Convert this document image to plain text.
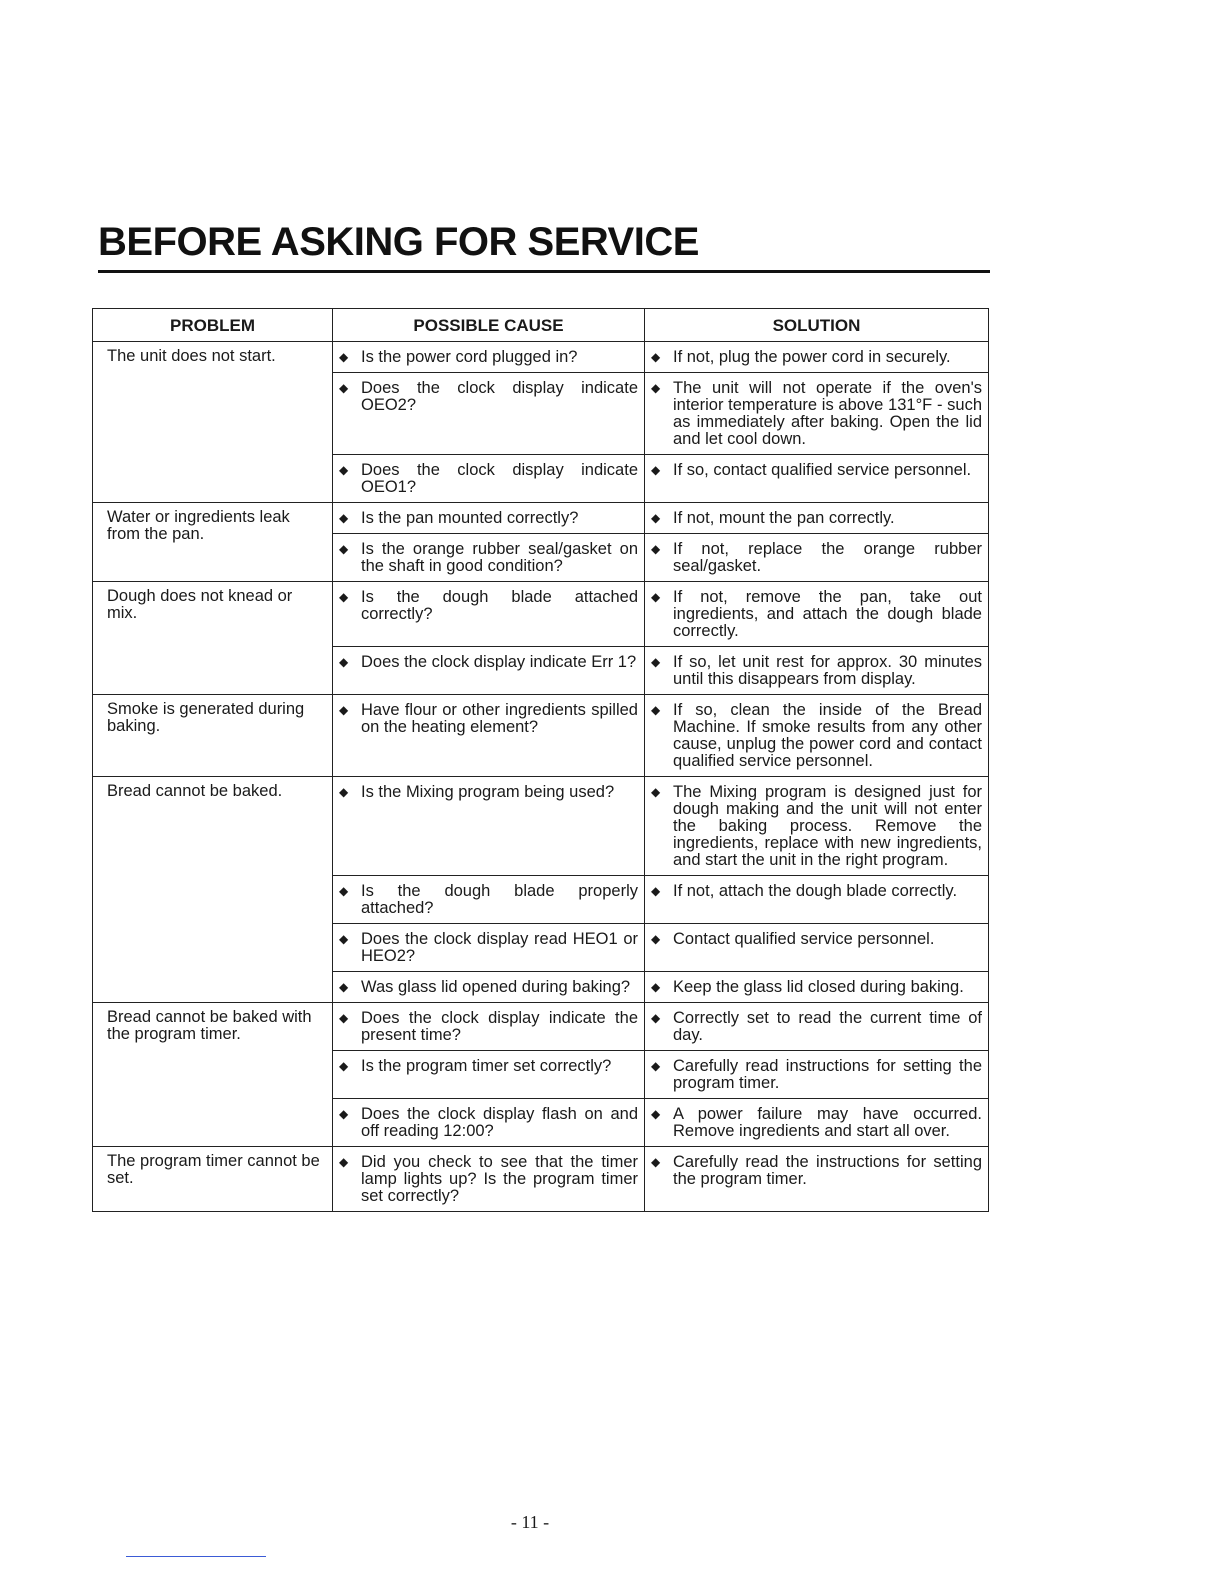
BEFORE ASKING FOR SERVICE
PROBLEM	POSSIBLE CAUSE	SOLUTION
The unit does not start.	◆ Is the power cord plugged in?	◆ If not, plug the power cord in securely.

	◆ Does the clock display indicate OEO2?	◆ The unit will not operate if the oven's interior temperature is above 131°F - such as immediately after baking. Open the lid and let cool down.

	◆ Does the clock display indicate OEO1?	◆ If so, contact qualified service personnel.

Water or ingredients leak from the pan.	◆ Is the pan mounted correctly?	◆ If not, mount the pan correctly.

	◆ Is the orange rubber seal/gasket on the shaft in good condition?	◆ If not, replace the orange rubber seal/gasket.

Dough does not knead or mix.	◆ Is the dough blade attached correctly?	◆ If not, remove the pan, take out ingredients, and attach the dough blade correctly.

	◆ Does the clock display indicate Err 1?	◆ If so, let unit rest for approx. 30 minutes until this disappears from display.

Smoke is generated during baking.	◆ Have flour or other ingredients spilled on the heating element?	◆ If so, clean the inside of the Bread Machine. If smoke results from any other cause, unplug the power cord and contact qualified service personnel.

Bread cannot be baked.	◆ Is the Mixing program being used?	◆ The Mixing program is designed just for dough making and the unit will not enter the baking process. Remove the ingredients, replace with new ingredients, and start the unit in the right program.

	◆ Is the dough blade properly attached?	◆ If not, attach the dough blade correctly.

	◆ Does the clock display read HEO1 or HEO2?	◆ Contact qualified service personnel.

	◆ Was glass lid opened during baking?	◆ Keep the glass lid closed during baking.

Bread cannot be baked with the program timer.	◆ Does the clock display indicate the present time?	◆ Correctly set to read the current time of day.

	◆ Is the program timer set correctly?	◆ Carefully read instructions for setting the program timer.

	◆ Does the clock display flash on and off reading 12:00?	◆ A power failure may have occurred. Remove ingredients and start all over.

The program timer cannot be set.	◆ Did you check to see that the timer lamp lights up? Is the program timer set correctly?	◆ Carefully read the instructions for setting the program timer.
- 11 -
